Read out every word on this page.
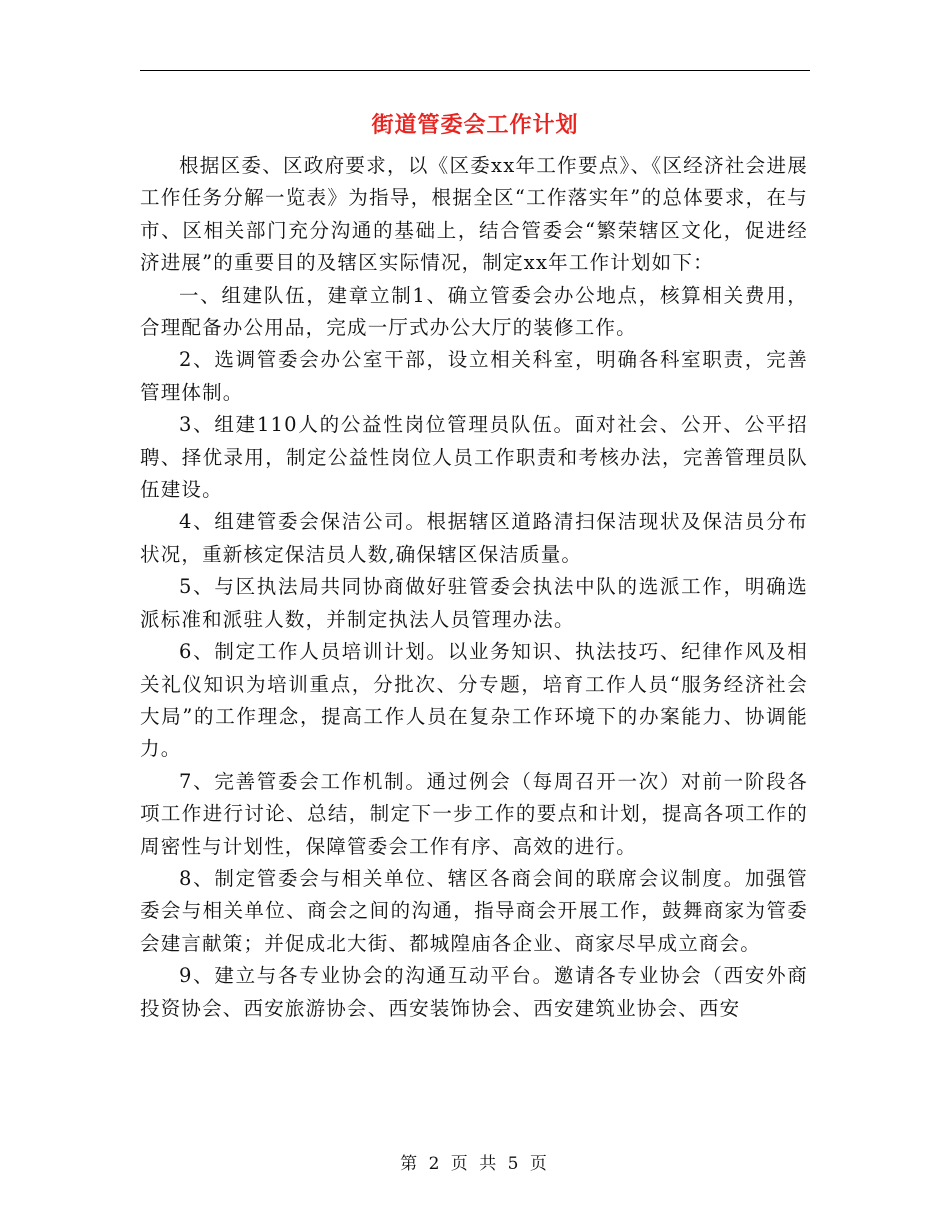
街道管委会工作计划

根据区委、区政府要求，以《区委xx年工作要点》、《区经济社会进展工作任务分解一览表》为指导，根据全区“工作落实年”的总体要求，在与市、区相关部门充分沟通的基础上，结合管委会“繁荣辖区文化，促进经济进展”的重要目的及辖区实际情况，制定xx年工作计划如下：

一、组建队伍，建章立制1、确立管委会办公地点，核算相关费用，合理配备办公用品，完成一厅式办公大厅的装修工作。

2、选调管委会办公室干部，设立相关科室，明确各科室职责，完善管理体制。

3、组建110人的公益性岗位管理员队伍。面对社会、公开、公平招聘、择优录用，制定公益性岗位人员工作职责和考核办法，完善管理员队伍建设。

4、组建管委会保洁公司。根据辖区道路清扫保洁现状及保洁员分布状况，重新核定保洁员人数,确保辖区保洁质量。

5、与区执法局共同协商做好驻管委会执法中队的选派工作，明确选派标准和派驻人数，并制定执法人员管理办法。

6、制定工作人员培训计划。以业务知识、执法技巧、纪律作风及相关礼仪知识为培训重点，分批次、分专题，培育工作人员“服务经济社会大局”的工作理念，提高工作人员在复杂工作环境下的办案能力、协调能力。

7、完善管委会工作机制。通过例会（每周召开一次）对前一阶段各项工作进行讨论、总结，制定下一步工作的要点和计划，提高各项工作的周密性与计划性，保障管委会工作有序、高效的进行。

8、制定管委会与相关单位、辖区各商会间的联席会议制度。加强管委会与相关单位、商会之间的沟通，指导商会开展工作，鼓舞商家为管委会建言献策；并促成北大街、都城隍庙各企业、商家尽早成立商会。

9、建立与各专业协会的沟通互动平台。邀请各专业协会（西安外商投资协会、西安旅游协会、西安装饰协会、西安建筑业协会、西安

第 2 页 共 5 页
